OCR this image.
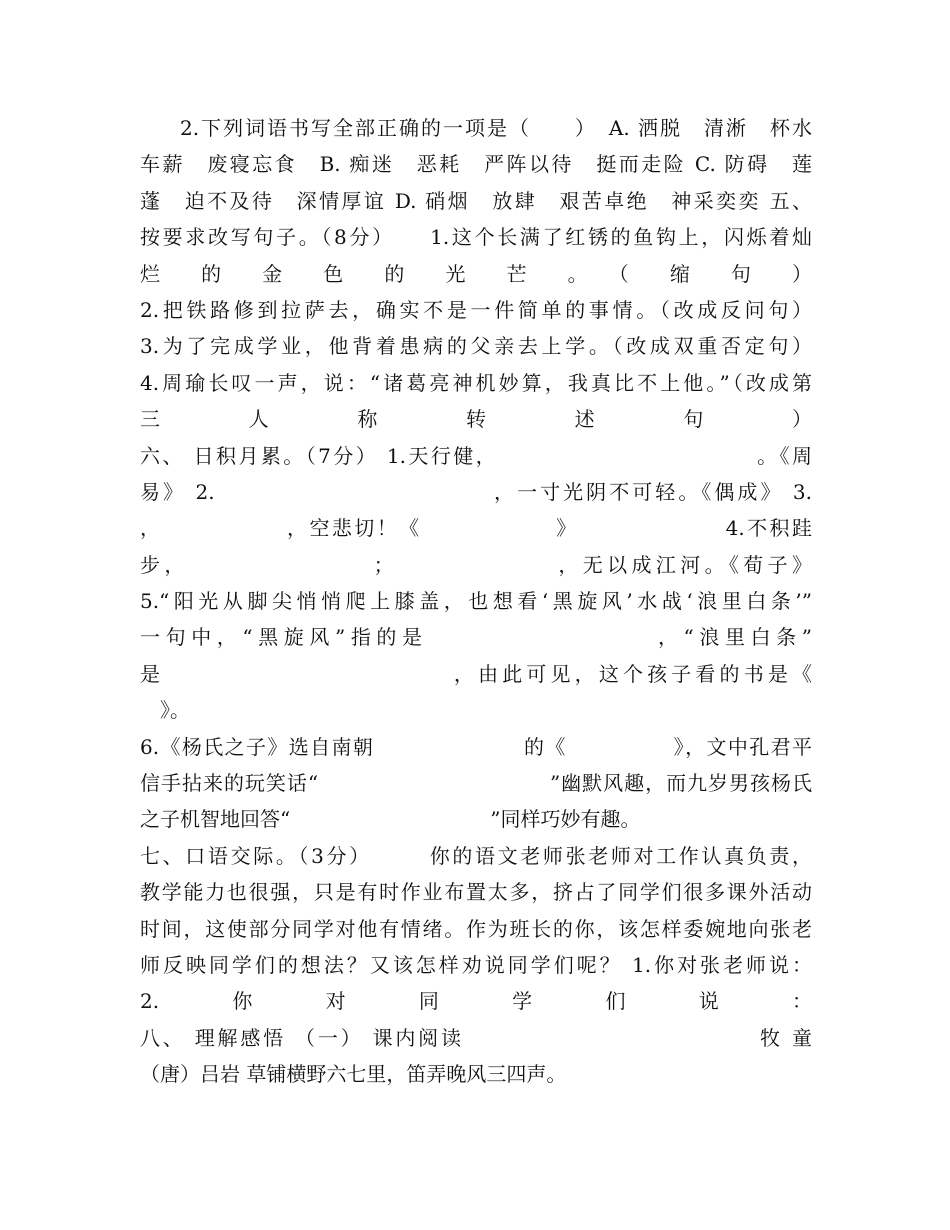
2.下列词语书写全部正确的一项是（　　）　A. 洒脱　清淅　杯水
车薪　废寝忘食　B. 痴迷　恶耗　严阵以待　挺而走险 C. 防碍　莲
蓬　迫不及待　深情厚谊 D. 硝烟　放肆　艰苦卓绝　神采奕奕 五、
按要求改写句子。（8分）　　1.这个长满了红锈的鱼钩上，闪烁着灿
烂　的　金　色　的　光　芒　。　（　缩　句　）
2.把铁路修到拉萨去，确实不是一件简单的事情。（改成反问句）
3.为了完成学业，他背着患病的父亲去上学。（改成双重否定句）
4.周瑜长叹一声，说：“诸葛亮神机妙算，我真比不上他。”（改成第
三　人　称　转　述　句　）
六、 日积月累。（7分） 1.天行健，　　　　　　　　　　　　。《周
易》 2.　　　　　　　　　　　　，一寸光阴不可轻。《偶成》 3.
，　　　　　　，空悲切！《　　　　　　》　　　　　　　4.不积跬
步，　　　　　　　　；　　　　　　　，无以成江河。《荀子》
5.“阳光从脚尖悄悄爬上膝盖，也想看‘黑旋风’水战‘浪里白条’”
一句中，“黑旋风”指的是　　　　　　　　　，“浪里白条”
是　　　　　　　　　　　　，由此可见，这个孩子看的书是《
　》。
6.《杨氏之子》选自南朝　　　　　　　的《　　　　　》，文中孔君平
信手拈来的玩笑话“　　　　　　　　　　　”幽默风趣，而九岁男孩杨氏
之子机智地回答“　　　　　　　　　　”同样巧妙有趣。
七、口语交际。（3分）　　　你的语文老师张老师对工作认真负责，
教学能力也很强，只是有时作业布置太多，挤占了同学们很多课外活动
时间，这使部分同学对他有情绪。作为班长的你，该怎样委婉地向张老
师反映同学们的想法？又该怎样劝说同学们呢？ 1.你对张老师说：
2.　你　对　同　学　们　说　：
八、 理解感悟 （一） 课内阅读　　　　　　　　　　　　　牧 童
（唐）吕岩 草铺横野六七里，笛弄晚风三四声。
